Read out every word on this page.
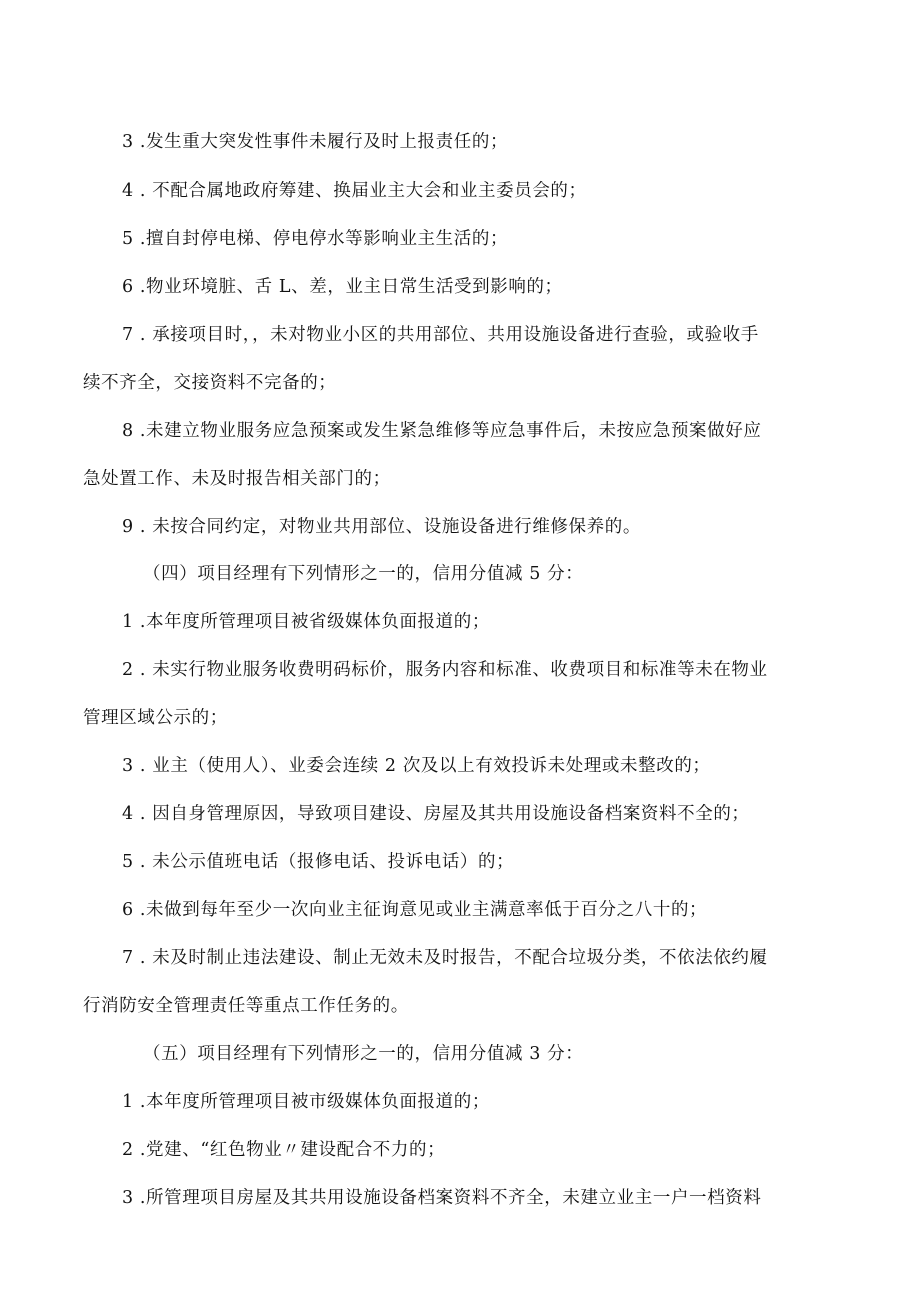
3 .发生重大突发性事件未履行及时上报责任的；
4 . 不配合属地政府筹建、换届业主大会和业主委员会的；
5 .擅自封停电梯、停电停水等影响业主生活的；
6 .物业环境脏、舌 L、差，业主日常生活受到影响的；
7 . 承接项目时，，未对物业小区的共用部位、共用设施设备进行查验，或验收手
续不齐全，交接资料不完备的；
8 .未建立物业服务应急预案或发生紧急维修等应急事件后，未按应急预案做好应
急处置工作、未及时报告相关部门的；
9 . 未按合同约定，对物业共用部位、设施设备进行维修保养的。
（四）项目经理有下列情形之一的，信用分值减 5 分：
1 .本年度所管理项目被省级媒体负面报道的；
2 . 未实行物业服务收费明码标价，服务内容和标准、收费项目和标准等未在物业
管理区域公示的；
3 . 业主（使用人）、业委会连续 2 次及以上有效投诉未处理或未整改的；
4 . 因自身管理原因，导致项目建设、房屋及其共用设施设备档案资料不全的；
5 . 未公示值班电话（报修电话、投诉电话）的；
6 .未做到每年至少一次向业主征询意见或业主满意率低于百分之八十的；
7 . 未及时制止违法建设、制止无效未及时报告，不配合垃圾分类，不依法依约履
行消防安全管理责任等重点工作任务的。
（五）项目经理有下列情形之一的，信用分值减 3 分：
1 .本年度所管理项目被市级媒体负面报道的；
2 .党建、“红色物业〃建设配合不力的；
3 .所管理项目房屋及其共用设施设备档案资料不齐全，未建立业主一户一档资料
